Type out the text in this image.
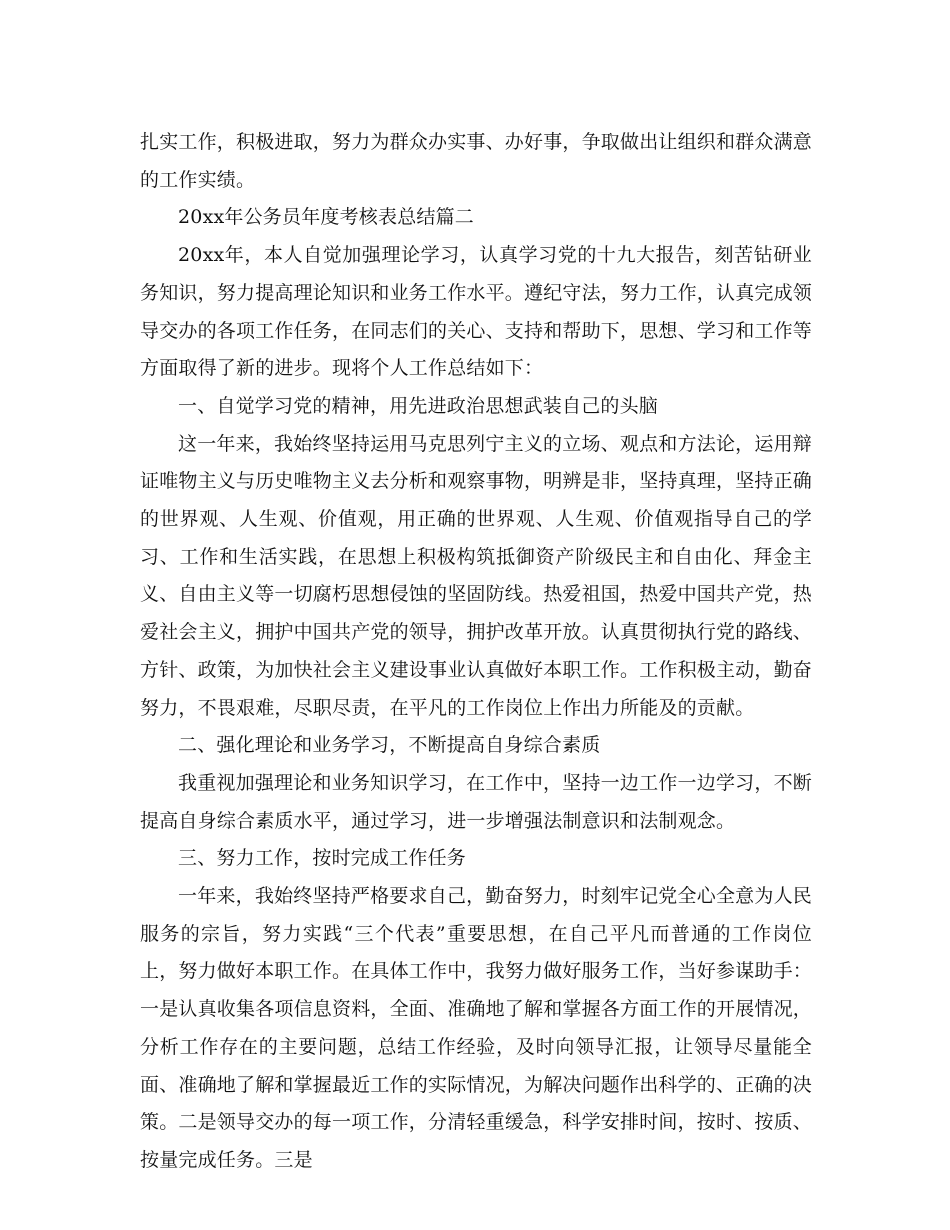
扎实工作，积极进取，努力为群众办实事、办好事，争取做出让组织和群众满意的工作实绩。

20xx年公务员年度考核表总结篇二

20xx年，本人自觉加强理论学习，认真学习党的十九大报告，刻苦钻研业务知识，努力提高理论知识和业务工作水平。遵纪守法，努力工作，认真完成领导交办的各项工作任务，在同志们的关心、支持和帮助下，思想、学习和工作等方面取得了新的进步。现将个人工作总结如下：

一、自觉学习党的精神，用先进政治思想武装自己的头脑

这一年来，我始终坚持运用马克思列宁主义的立场、观点和方法论，运用辩证唯物主义与历史唯物主义去分析和观察事物，明辨是非，坚持真理，坚持正确的世界观、人生观、价值观，用正确的世界观、人生观、价值观指导自己的学习、工作和生活实践，在思想上积极构筑抵御资产阶级民主和自由化、拜金主义、自由主义等一切腐朽思想侵蚀的坚固防线。热爱祖国，热爱中国共产党，热爱社会主义，拥护中国共产党的领导，拥护改革开放。认真贯彻执行党的路线、方针、政策，为加快社会主义建设事业认真做好本职工作。工作积极主动，勤奋努力，不畏艰难，尽职尽责，在平凡的工作岗位上作出力所能及的贡献。

二、强化理论和业务学习，不断提高自身综合素质

我重视加强理论和业务知识学习，在工作中，坚持一边工作一边学习，不断提高自身综合素质水平，通过学习，进一步增强法制意识和法制观念。

三、努力工作，按时完成工作任务

一年来，我始终坚持严格要求自己，勤奋努力，时刻牢记党全心全意为人民服务的宗旨，努力实践“三个代表”重要思想，在自己平凡而普通的工作岗位上，努力做好本职工作。在具体工作中，我努力做好服务工作，当好参谋助手：一是认真收集各项信息资料，全面、准确地了解和掌握各方面工作的开展情况，分析工作存在的主要问题，总结工作经验，及时向领导汇报，让领导尽量能全面、准确地了解和掌握最近工作的实际情况，为解决问题作出科学的、正确的决策。二是领导交办的每一项工作，分清轻重缓急，科学安排时间，按时、按质、按量完成任务。三是
